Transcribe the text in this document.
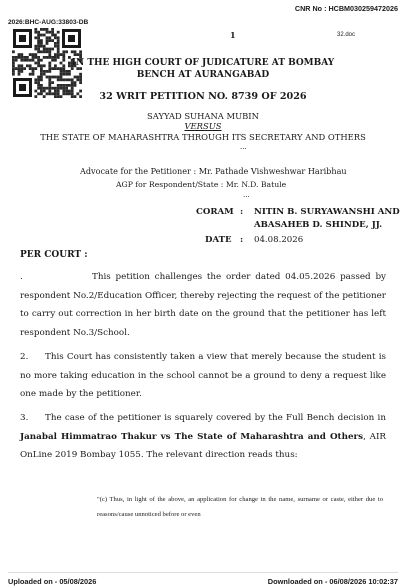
CNR No : HCBM030259472026
2026:BHC-AUG:33803-DB
1	32.doc
IN THE HIGH COURT OF JUDICATURE AT BOMBAY
BENCH AT AURANGABAD
32 WRIT PETITION NO. 8739 OF 2026
SAYYAD SUHANA MUBIN
VERSUS
THE STATE OF MAHARASHTRA THROUGH ITS SECRETARY AND OTHERS
...
Advocate for the Petitioner : Mr. Pathade Vishweshwar Haribhau
AGP for Respondent/State : Mr. N.D. Batule
...
CORAM : NITIN B. SURYAWANSHI AND
ABASAHEB D. SHINDE, JJ.
DATE : 04.08.2026
PER COURT :
.	This petition challenges the order dated 04.05.2026 passed by respondent No.2/Education Officer, thereby rejecting the request of the petitioner to carry out correction in her birth date on the ground that the petitioner has left respondent No.3/School.
2. This Court has consistently taken a view that merely because the student is no more taking education in the school cannot be a ground to deny a request like one made by the petitioner.
3. The case of the petitioner is squarely covered by the Full Bench decision in Janabal Himmatrao Thakur vs The State of Maharashtra and Others, AIR OnLine 2019 Bombay 1055. The relevant direction reads thus:
"(c) Thus, in light of the above, an application for change in the name, surname or caste, either due to reasons/cause unnoticed before or even
Uploaded on - 05/08/2026	Downloaded on - 06/08/2026 10:02:37
